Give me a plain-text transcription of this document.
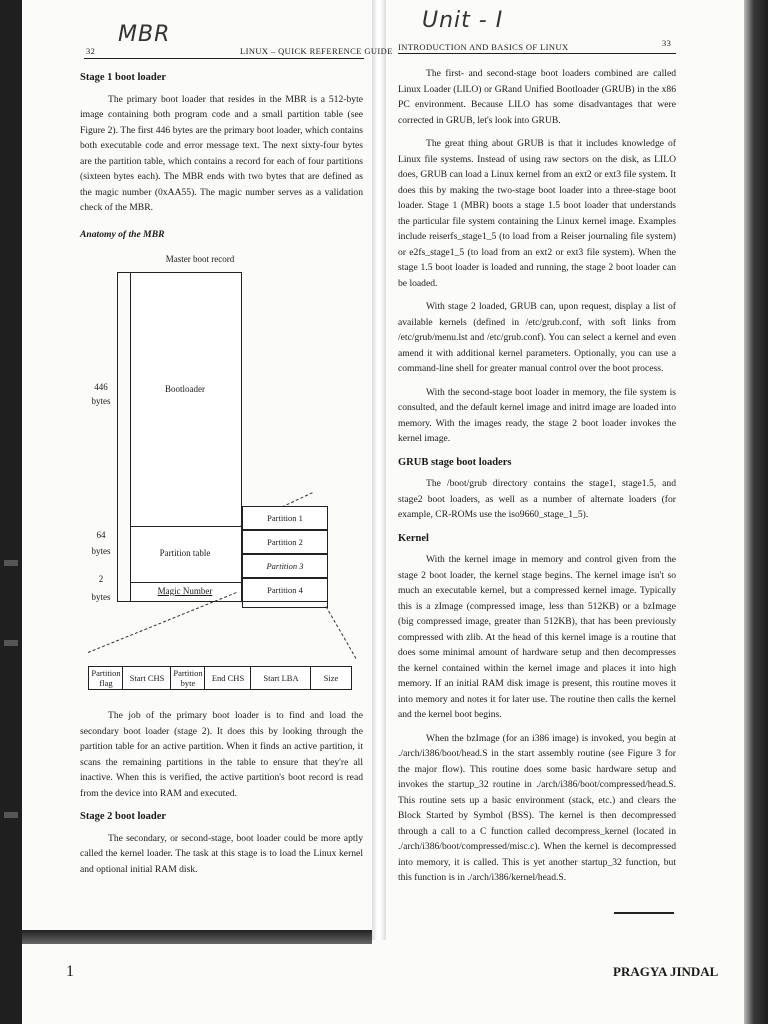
MBR
32	LINUX – QUICK REFERENCE GUIDE
Stage 1 boot loader

The primary boot loader that resides in the MBR is a 512-byte image containing both program code and a small partition table (see Figure 2). The first 446 bytes are the primary boot loader, which contains both executable code and error message text. The next sixty-four bytes are the partition table, which contains a record for each of four partitions (sixteen bytes each). The MBR ends with two bytes that are defined as the magic number (0xAA55). The magic number serves as a validation check of the MBR.

Anatomy of the MBR
Master boot record
Bootloader
Partition table
Magic Number
446
bytes
64
bytes
2
bytes
Partition 1
Partition 2
Partition 3
Partition 4
Partition flag	Start CHS	Partition byte	End CHS	Start LBA	Size

The job of the primary boot loader is to find and load the secondary boot loader (stage 2). It does this by looking through the partition table for an active partition. When it finds an active partition, it scans the remaining partitions in the table to ensure that they're all inactive. When this is verified, the active partition's boot record is read from the device into RAM and executed.

Stage 2 boot loader

The secondary, or second-stage, boot loader could be more aptly called the kernel loader. The task at this stage is to load the Linux kernel and optional initial RAM disk.

Unit - I
INTRODUCTION AND BASICS OF LINUX	33

The first- and second-stage boot loaders combined are called Linux Loader (LILO) or GRand Unified Bootloader (GRUB) in the x86 PC environment. Because LILO has some disadvantages that were corrected in GRUB, let's look into GRUB.

The great thing about GRUB is that it includes knowledge of Linux file systems. Instead of using raw sectors on the disk, as LILO does, GRUB can load a Linux kernel from an ext2 or ext3 file system. It does this by making the two-stage boot loader into a three-stage boot loader. Stage 1 (MBR) boots a stage 1.5 boot loader that understands the particular file system containing the Linux kernel image. Examples include reiserfs_stage1_5 (to load from a Reiser journaling file system) or e2fs_stage1_5 (to load from an ext2 or ext3 file system). When the stage 1.5 boot loader is loaded and running, the stage 2 boot loader can be loaded.

With stage 2 loaded, GRUB can, upon request, display a list of available kernels (defined in /etc/grub.conf, with soft links from /etc/grub/menu.lst and /etc/grub.conf). You can select a kernel and even amend it with additional kernel parameters. Optionally, you can use a command-line shell for greater manual control over the boot process.

With the second-stage boot loader in memory, the file system is consulted, and the default kernel image and initrd image are loaded into memory. With the images ready, the stage 2 boot loader invokes the kernel image.

GRUB stage boot loaders

The /boot/grub directory contains the stage1, stage1.5, and stage2 boot loaders, as well as a number of alternate loaders (for example, CR-ROMs use the iso9660_stage_1_5).

Kernel

With the kernel image in memory and control given from the stage 2 boot loader, the kernel stage begins. The kernel image isn't so much an executable kernel, but a compressed kernel image. Typically this is a zImage (compressed image, less than 512KB) or a bzImage (big compressed image, greater than 512KB), that has been previously compressed with zlib. At the head of this kernel image is a routine that does some minimal amount of hardware setup and then decompresses the kernel contained within the kernel image and places it into high memory. If an initial RAM disk image is present, this routine moves it into memory and notes it for later use. The routine then calls the kernel and the kernel boot begins.

When the bzImage (for an i386 image) is invoked, you begin at ./arch/i386/boot/head.S in the start assembly routine (see Figure 3 for the major flow). This routine does some basic hardware setup and invokes the startup_32 routine in ./arch/i386/boot/compressed/head.S. This routine sets up a basic environment (stack, etc.) and clears the Block Started by Symbol (BSS). The kernel is then decompressed through a call to a C function called decompress_kernel (located in ./arch/i386/boot/compressed/misc.c). When the kernel is decompressed into memory, it is called. This is yet another startup_32 function, but this function is in ./arch/i386/kernel/head.S.

1	PRAGYA JINDAL
